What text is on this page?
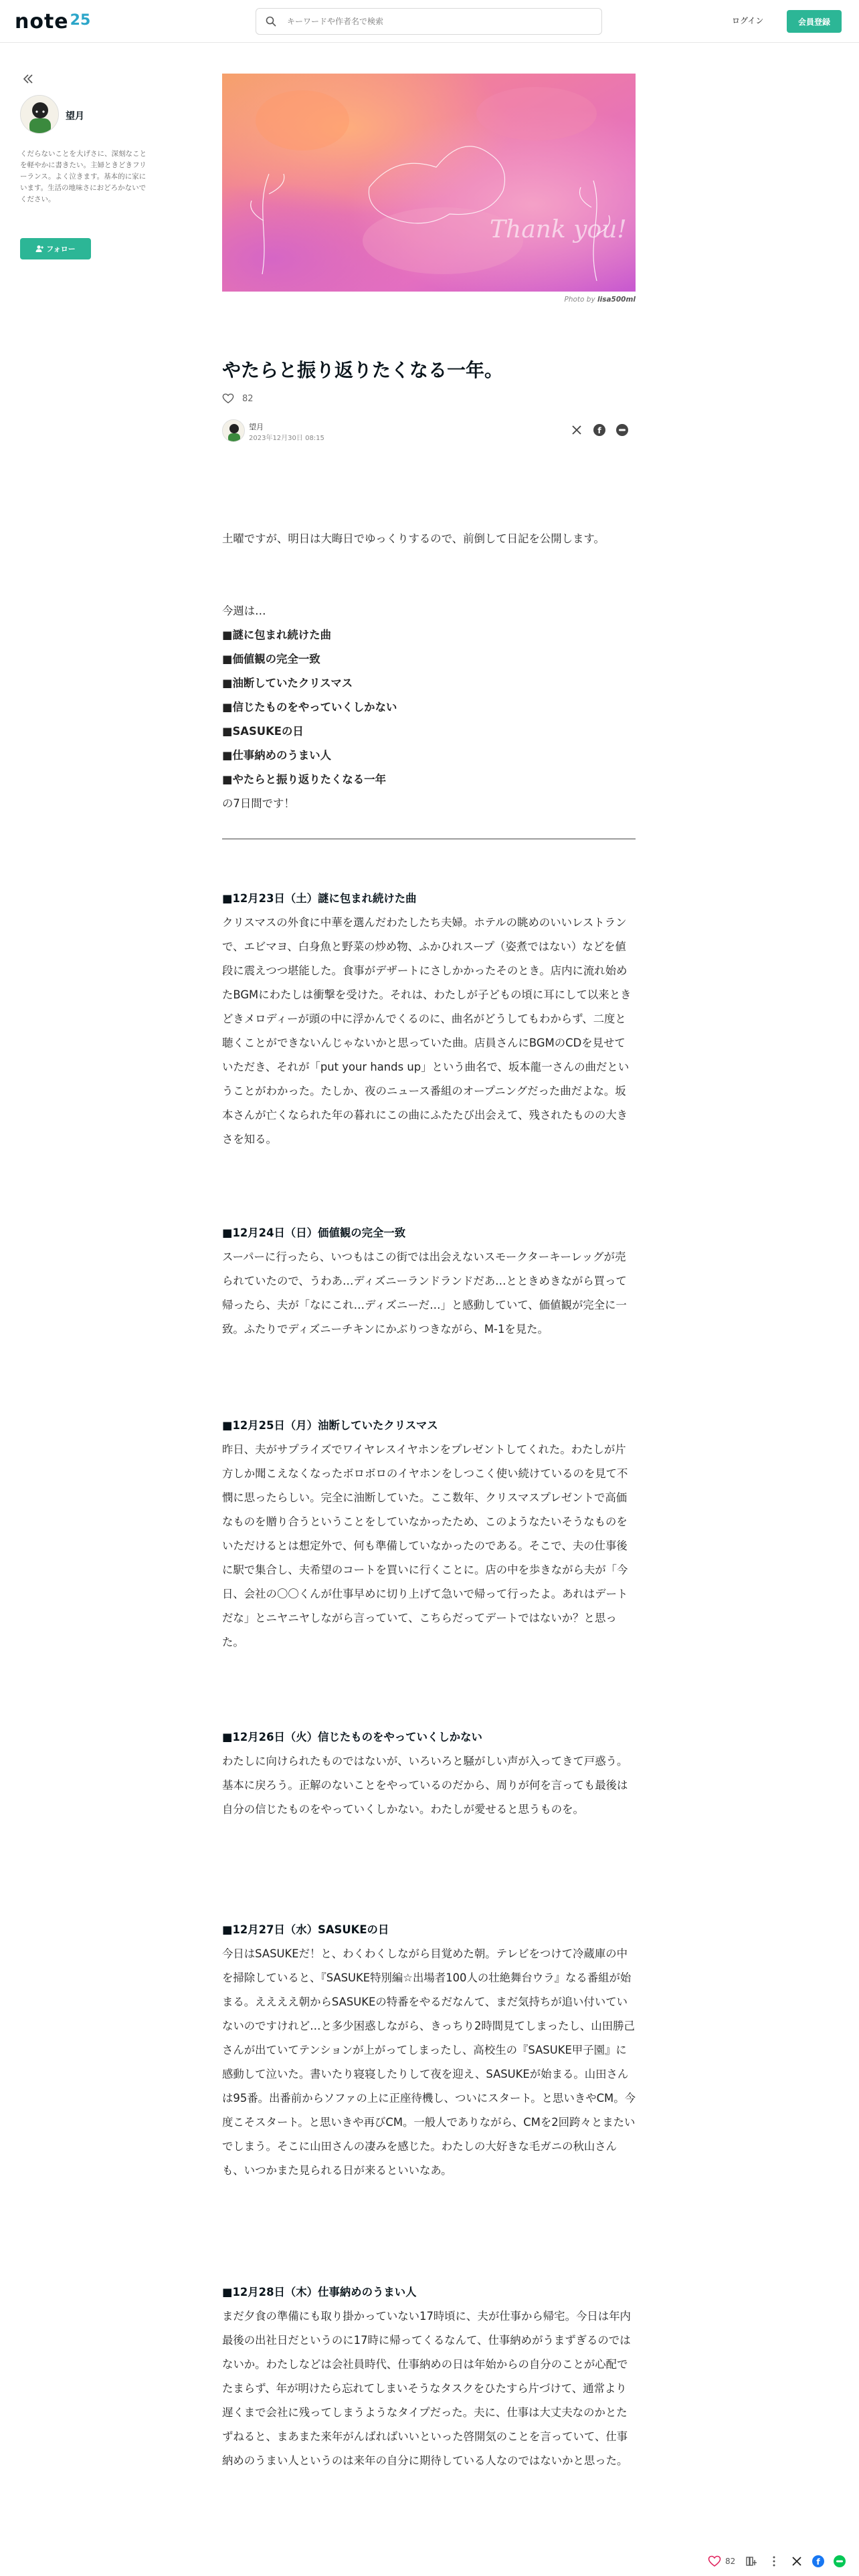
note 25
キーワードや作者名で検索	ログイン	会員登録
望月
くだらないことを大げさに、深刻なことを軽やかに書きたい。主婦ときどきフリーランス。よく泣きます。基本的に家にいます。生活の地味さにおどろかないでください。
フォロー
Thank you!
Photo by lisa500ml
やたらと振り返りたくなる一年。
82
望月
2023年12月30日 08:15
f
土曜ですが、明日は大晦日でゆっくりするので、前倒して日記を公開します。
今週は…
■謎に包まれ続けた曲
■価値観の完全一致
■油断していたクリスマス
■信じたものをやっていくしかない
■SASUKEの日
■仕事納めのうまい人
■やたらと振り返りたくなる一年
の7日間です！
■12月23日（土）謎に包まれ続けた曲
クリスマスの外食に中華を選んだわたしたち夫婦。ホテルの眺めのいいレストランで、エビマヨ、白身魚と野菜の炒め物、ふかひれスープ（姿煮ではない）などを値段に震えつつ堪能した。食事がデザートにさしかかったそのとき。店内に流れ始めたBGMにわたしは衝撃を受けた。それは、わたしが子どもの頃に耳にして以来ときどきメロディーが頭の中に浮かんでくるのに、曲名がどうしてもわからず、二度と聴くことができないんじゃないかと思っていた曲。店員さんにBGMのCDを見せていただき、それが「put your hands up」という曲名で、坂本龍一さんの曲だということがわかった。たしか、夜のニュース番組のオープニングだった曲だよな。坂本さんが亡くなられた年の暮れにこの曲にふたたび出会えて、残されたものの大きさを知る。
■12月24日（日）価値観の完全一致
スーパーに行ったら、いつもはこの街では出会えないスモークターキーレッグが売られていたので、うわあ…ディズニーランドランドだあ…とときめきながら買って帰ったら、夫が「なにこれ…ディズニーだ…」と感動していて、価値観が完全に一致。ふたりでディズニーチキンにかぶりつきながら、M-1を見た。
■12月25日（月）油断していたクリスマス
昨日、夫がサプライズでワイヤレスイヤホンをプレゼントしてくれた。わたしが片方しか聞こえなくなったボロボロのイヤホンをしつこく使い続けているのを見て不憫に思ったらしい。完全に油断していた。ここ数年、クリスマスプレゼントで高価なものを贈り合うということをしていなかったため、このようなたいそうなものをいただけるとは想定外で、何も準備していなかったのである。そこで、夫の仕事後に駅で集合し、夫希望のコートを買いに行くことに。店の中を歩きながら夫が「今日、会社の〇〇くんが仕事早めに切り上げて急いで帰って行ったよ。あれはデートだな」とニヤニヤしながら言っていて、こちらだってデートではないか？と思った。
■12月26日（火）信じたものをやっていくしかない
わたしに向けられたものではないが、いろいろと騒がしい声が入ってきて戸惑う。基本に戻ろう。正解のないことをやっているのだから、周りが何を言っても最後は自分の信じたものをやっていくしかない。わたしが愛せると思うものを。
■12月27日（水）SASUKEの日
今日はSASUKEだ！と、わくわくしながら目覚めた朝。テレビをつけて冷蔵庫の中を掃除していると、『SASUKE特別編☆出場者100人の壮絶舞台ウラ』なる番組が始まる。ええええ朝からSASUKEの特番をやるだなんて、まだ気持ちが追い付いていないのですけれど…と多少困惑しながら、きっちり2時間見てしまったし、山田勝己さんが出ていてテンションが上がってしまったし、高校生の『SASUKE甲子園』に感動して泣いた。書いたり寝寝したりして夜を迎え、SASUKEが始まる。山田さんは95番。出番前からソファの上に正座待機し、ついにスタート。と思いきやCM。今度こそスタート。と思いきや再びCM。一般人でありながら、CMを2回跨々とまたいでしまう。そこに山田さんの凄みを感じた。わたしの大好きな毛ガニの秋山さんも、いつかまた見られる日が来るといいなあ。
■12月28日（木）仕事納めのうまい人
まだ夕食の準備にも取り掛かっていない17時頃に、夫が仕事から帰宅。今日は年内最後の出社日だというのに17時に帰ってくるなんて、仕事納めがうまずぎるのではないか。わたしなどは会社員時代、仕事納めの日は年始からの自分のことが心配でたまらず、年が明けたら忘れてしまいそうなタスクをひたすら片づけて、通常より遅くまで会社に残ってしまうようなタイプだった。夫に、仕事は大丈夫なのかとたずねると、まあまた来年がんばればいいといった啓開気のことを言っていて、仕事納めのうまい人というのは来年の自分に期待している人なのではないかと思った。
82	f
